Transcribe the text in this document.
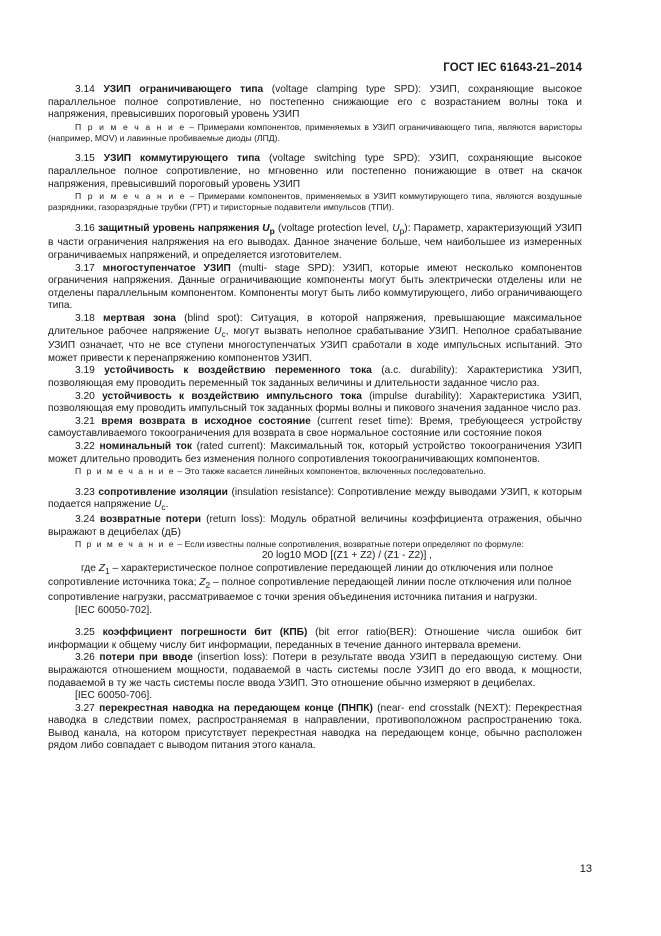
ГОСТ IEC 61643-21–2014

3.14 УЗИП ограничивающего типа (voltage clamping type SPD): УЗИП, сохраняющие высокое параллельное полное сопротивление, но постепенно снижающие его с возрастанием волны тока и напряжения, превысивших пороговый уровень УЗИП

П р и м е ч а н и е – Примерами компонентов, применяемых в УЗИП ограничивающего типа, являются варисторы (например, MOV) и лавинные пробиваемые диоды (ЛПД).

3.15 УЗИП коммутирующего типа (voltage switching type SPD): УЗИП, сохраняющие высокое параллельное полное сопротивление, но мгновенно или постепенно понижающие в ответ на скачок напряжения, превысивший пороговый уровень УЗИП

П р и м е ч а н и е – Примерами компонентов, применяемых в УЗИП коммутирующего типа, являются воздушные разрядники, газоразрядные трубки (ГРТ) и тиристорные подавители импульсов (ТПИ).

3.16 защитный уровень напряжения $U_p$ (voltage protection level, $U_p$): Параметр, характеризующий УЗИП в части ограничения напряжения на его выводах. Данное значение больше, чем наибольшее из измеренных ограничиваемых напряжений, и определяется изготовителем.

3.17 многоступенчатое УЗИП (multi- stage SPD): УЗИП, которые имеют несколько компонентов ограничения напряжения. Данные ограничивающие компоненты могут быть электрически отделены или не отделены параллельным компонентом. Компоненты могут быть либо коммутирующего, либо ограничивающего типа.

3.18 мертвая зона (blind spot): Ситуация, в которой напряжения, превышающие максимальное длительное рабочее напряжение $U_c$, могут вызвать неполное срабатывание УЗИП. Неполное срабатывание УЗИП означает, что не все ступени многоступенчатых УЗИП сработали в ходе импульсных испытаний. Это может привести к перенапряжению компонентов УЗИП.

3.19 устойчивость к воздействию переменного тока (a.c. durability): Характеристика УЗИП, позволяющая ему проводить переменный ток заданных величины и длительности заданное число раз.

3.20 устойчивость к воздействию импульсного тока (impulse durability): Характеристика УЗИП, позволяющая ему проводить импульсный ток заданных формы волны и пикового значения заданное число раз.

3.21 время возврата в исходное состояние (current reset time): Время, требующееся устройству самоуставливаемого токоограничения для возврата в свое нормальное состояние или состояние покоя

3.22 номинальный ток (rated current): Максимальный ток, который устройство токоограничения УЗИП может длительно проводить без изменения полного сопротивления токоограничивающих компонентов.

П р и м е ч а н и е – Это также касается линейных компонентов, включенных последовательно.

3.23 сопротивление изоляции (insulation resistance): Сопротивление между выводами УЗИП, к которым подается напряжение $U_c$.

3.24 возвратные потери (return loss): Модуль обратной величины коэффициента отражения, обычно выражают в децибелах (дБ)

П р и м е ч а н и е – Если известны полные сопротивления, возвратные потери определяют по формуле:

20 log10 MOD [(Z1 + Z2) / (Z1 - Z2)] ,

где $Z_1$ – характеристическое полное сопротивление передающей линии до отключения или полное сопротивление источника тока; $Z_2$ – полное сопротивление передающей линии после отключения или полное сопротивление нагрузки, рассматриваемое с точки зрения объединения источника питания и нагрузки.

[IEC 60050-702].

3.25 коэффициент погрешности бит (КПБ) (bit error ratio(BER): Отношение числа ошибок бит информации к общему числу бит информации, переданных в течение данного интервала времени.

3.26 потери при вводе (insertion loss): Потери в результате ввода УЗИП в передающую систему. Они выражаются отношением мощности, подаваемой в часть системы после УЗИП до его ввода, к мощности, подаваемой в ту же часть системы после ввода УЗИП. Это отношение обычно измеряют в децибелах.

[IEC 60050-706].

3.27 перекрестная наводка на передающем конце (ПНПК) (near- end crosstalk (NEXT): Перекрестная наводка в следствии помех, распространяемая в направлении, противоположном распространению тока. Вывод канала, на котором присутствует перекрестная наводка на передающем конце, обычно расположен рядом либо совпадает с выводом питания этого канала.

13
